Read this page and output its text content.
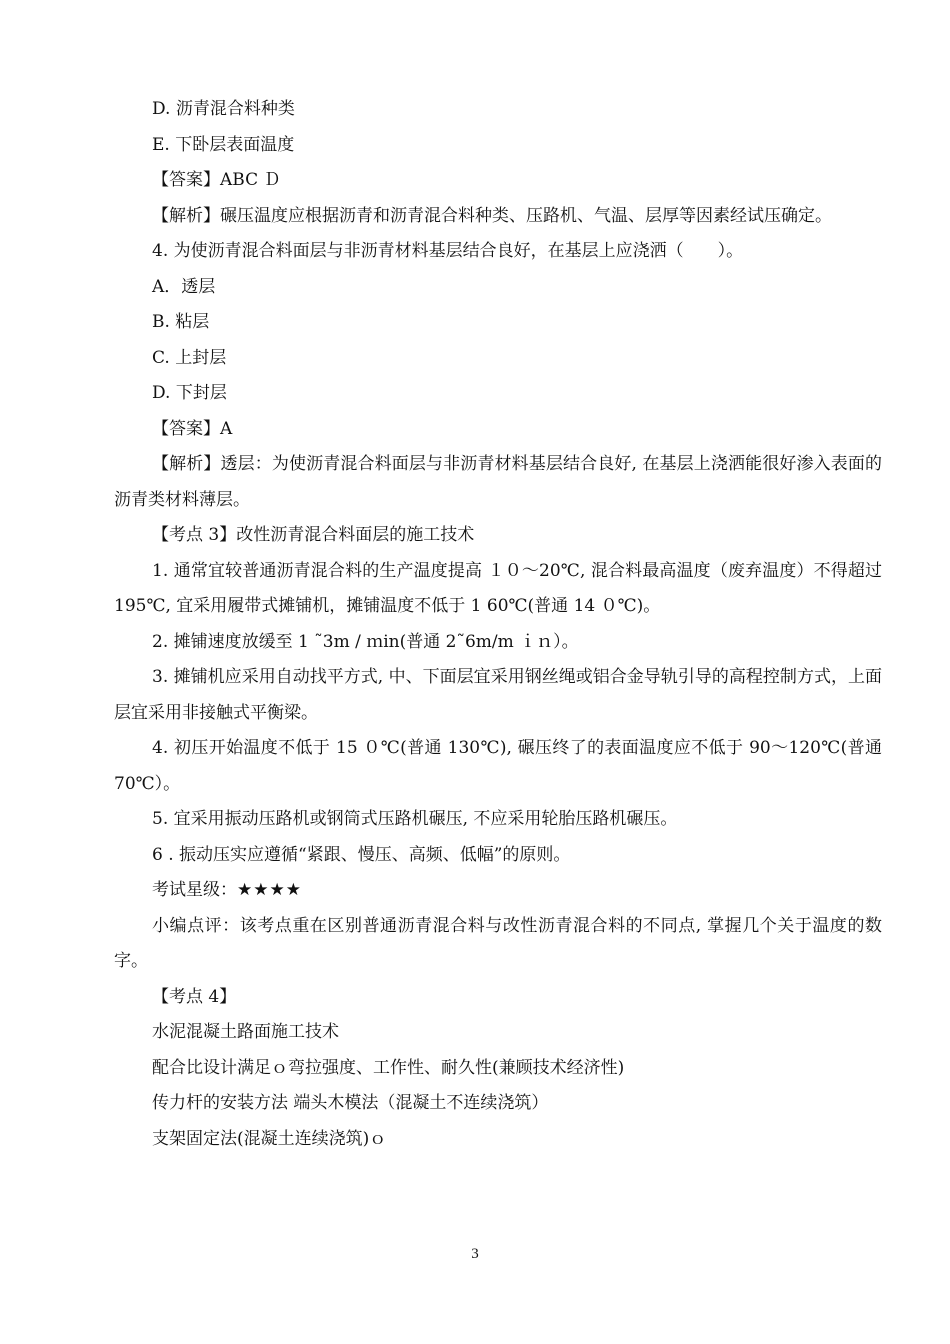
D. 沥青混合料种类

E. 下卧层表面温度

【答案】ABC Ｄ

【解析】碾压温度应根据沥青和沥青混合料种类、压路机、气温、层厚等因素经试压确定。

4. 为使沥青混合料面层与非沥青材料基层结合良好，在基层上应浇洒（　　）。

A．透层

B. 粘层

C. 上封层

D. 下封层

【答案】A

【解析】透层：为使沥青混合料面层与非沥青材料基层结合良好, 在基层上浇洒能很好渗入表面的沥青类材料薄层。

【考点 3】改性沥青混合料面层的施工技术

1. 通常宜较普通沥青混合料的生产温度提高 １０～20℃, 混合料最高温度（废弃温度）不得超过 195℃, 宜采用履带式摊铺机，摊铺温度不低于 1 60℃(普通 14 ０℃)。

2. 摊铺速度放缓至 1 ˜3m / ｍin(普通 2˜6m/m ｉｎ）。

3. 摊铺机应采用自动找平方式, 中、下面层宜采用钢丝绳或铝合金导轨引导的高程控制方式，上面层宜采用非接触式平衡梁。

4. 初压开始温度不低于 15 ０℃(普通 130℃), 碾压终了的表面温度应不低于 90～120℃(普通 70℃）。

5. 宜采用振动压路机或钢筒式压路机碾压, 不应采用轮胎压路机碾压。

6 . 振动压实应遵循“紧跟、慢压、高频、低幅”的原则。

考试星级：★★★★

小编点评：该考点重在区别普通沥青混合料与改性沥青混合料的不同点, 掌握几个关于温度的数字。

【考点 4】

水泥混凝土路面施工技术

配合比设计满足ｏ弯拉强度、工作性、耐久性(兼顾技术经济性)

传力杆的安装方法 端头木模法（混凝土不连续浇筑）

支架固定法(混凝土连续浇筑)ｏ

3
